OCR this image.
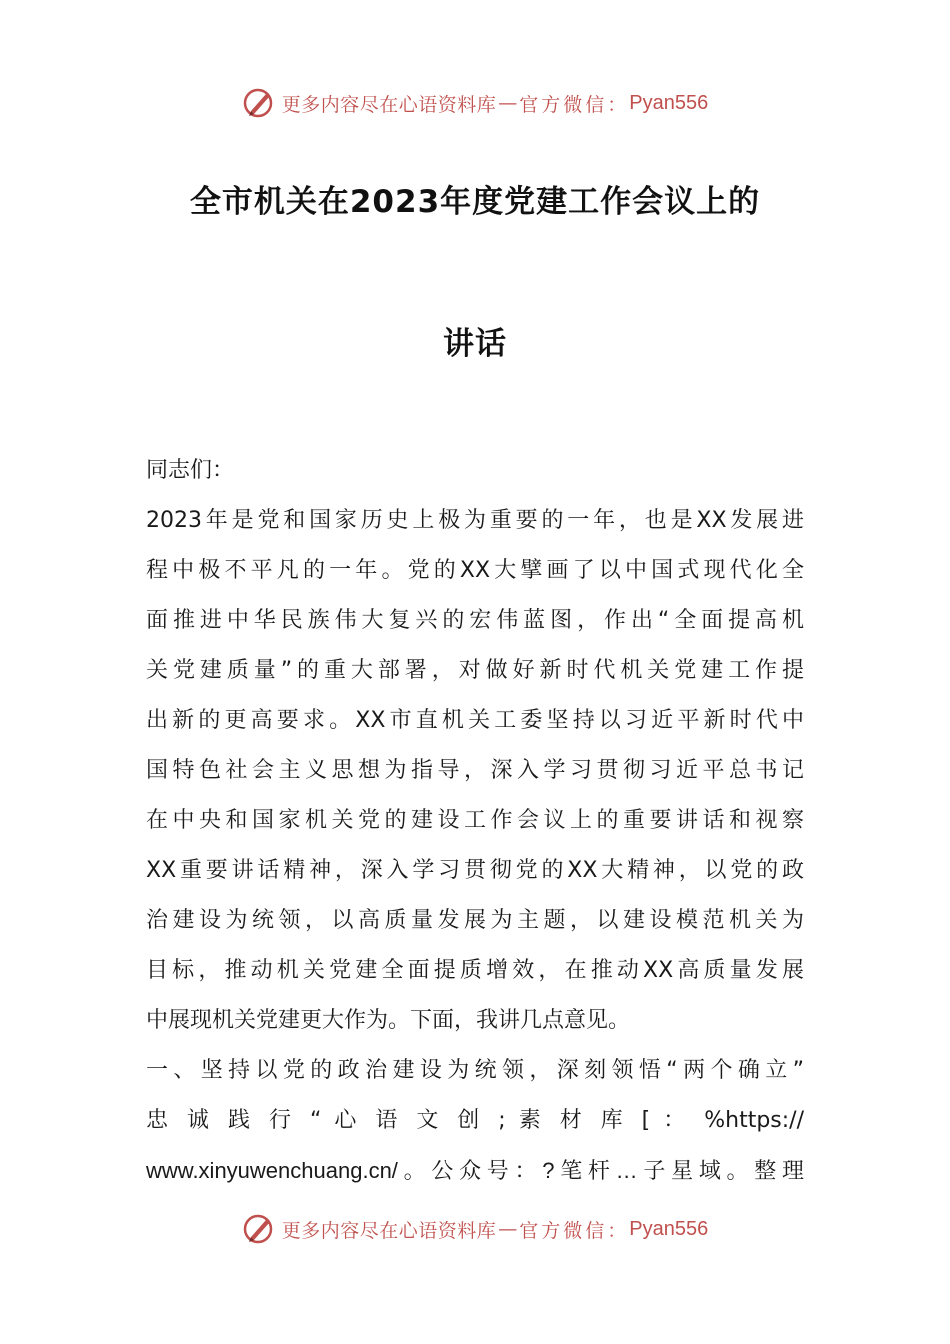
更多内容尽在心语资料库 — 官方微信： Pyan556
全市机关在2023年度党建工作会议上的
讲话
同志们：
2023年是党和国家历史上极为重要的一年，也是XX发展进
程中极不平凡的一年。党的XX大擘画了以中国式现代化全
面推进中华民族伟大复兴的宏伟蓝图，作出“全面提高机
关党建质量”的重大部署，对做好新时代机关党建工作提
出新的更高要求。XX市直机关工委坚持以习近平新时代中
国特色社会主义思想为指导，深入学习贯彻习近平总书记
在中央和国家机关党的建设工作会议上的重要讲话和视察
XX重要讲话精神，深入学习贯彻党的XX大精神，以党的政
治建设为统领，以高质量发展为主题，以建设模范机关为
目标，推动机关党建全面提质增效，在推动XX高质量发展
中展现机关党建更大作为。下面，我讲几点意见。
一、坚持以党的政治建设为统领，深刻领悟“两个确立”
忠 诚 践 行 “ 心 语 文 创 ; 素 材 库 [ ： %https://
www.xinyuwenchuang.cn/。公众号：?笔杆…子星域。整理
更多内容尽在心语资料库 — 官方微信： Pyan556
